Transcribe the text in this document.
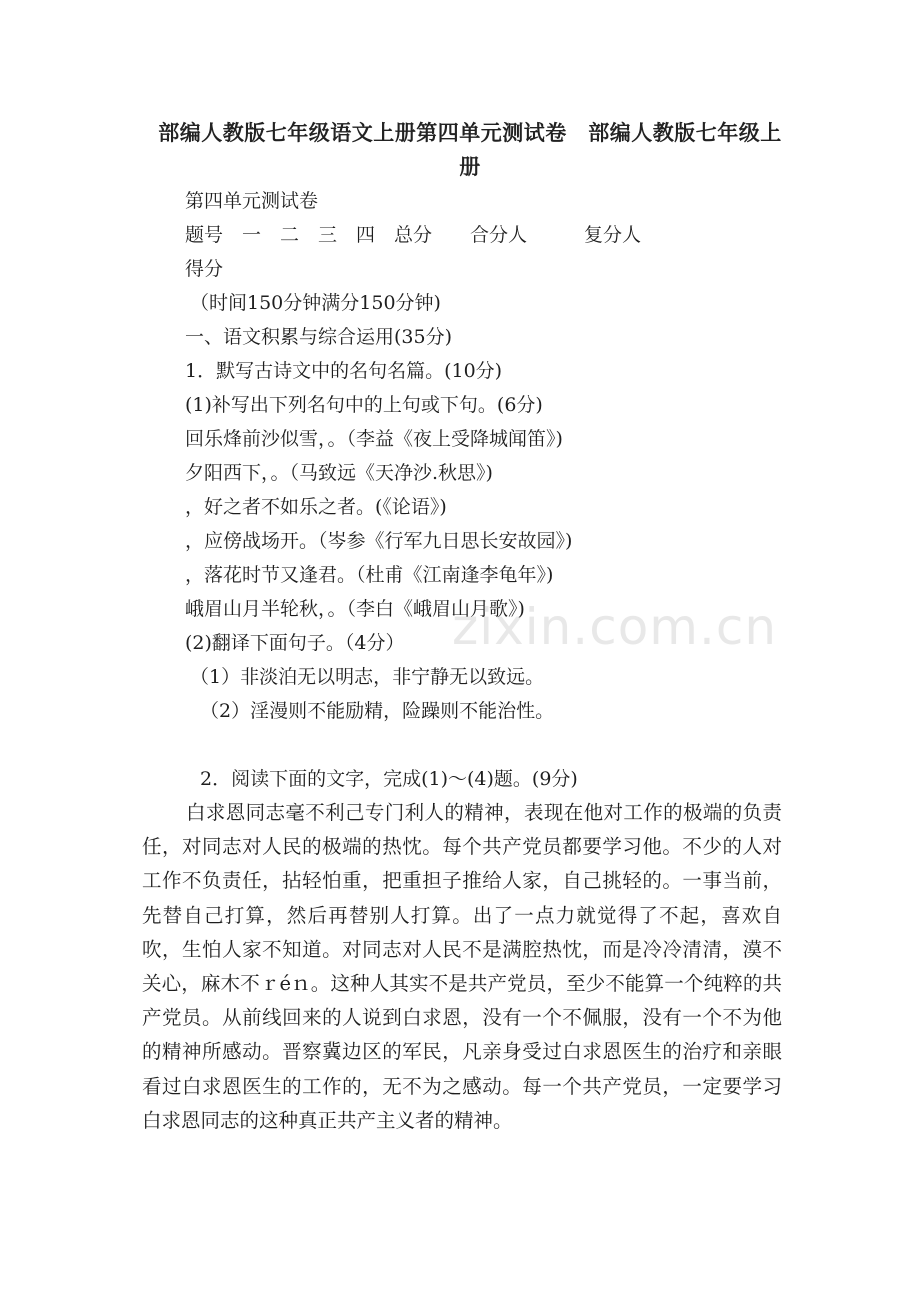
部编人教版七年级语文上册第四单元测试卷　部编人教版七年级上册
第四单元测试卷
题号　一　二　三　四　总分　　合分人　　　复分人
得分
（时间150分钟满分150分钟)
一、语文积累与综合运用(35分)
1．默写古诗文中的名句名篇。(10分)
(1)补写出下列名句中的上句或下句。(6分)
回乐烽前沙似雪，。（李益《夜上受降城闻笛》)
夕阳西下，。（马致远《天净沙.秋思》)
，好之者不如乐之者。(《论语》)
，应傍战场开。（岑参《行军九日思长安故园》)
，落花时节又逢君。（杜甫《江南逢李龟年》)
峨眉山月半轮秋，。（李白《峨眉山月歌》)
(2)翻译下面句子。（4分）
（1）非淡泊无以明志，非宁静无以致远。
（2）淫漫则不能励精，险躁则不能治性。
2．阅读下面的文字，完成(1)～(4)题。(9分)
白求恩同志毫不利己专门利人的精神，表现在他对工作的极端的负责任，对同志对人民的极端的热忱。每个共产党员都要学习他。不少的人对工作不负责任，拈轻怕重，把重担子推给人家，自己挑轻的。一事当前，先替自己打算，然后再替别人打算。出了一点力就觉得了不起，喜欢自吹，生怕人家不知道。对同志对人民不是满腔热忱，而是冷冷清清，漠不关心，麻木不ｒéｎ。这种人其实不是共产党员，至少不能算一个纯粹的共产党员。从前线回来的人说到白求恩，没有一个不佩服，没有一个不为他的精神所感动。晋察冀边区的军民，凡亲身受过白求恩医生的治疗和亲眼看过白求恩医生的工作的，无不为之感动。每一个共产党员，一定要学习白求恩同志的这种真正共产主义者的精神。
zixin.com.cn
